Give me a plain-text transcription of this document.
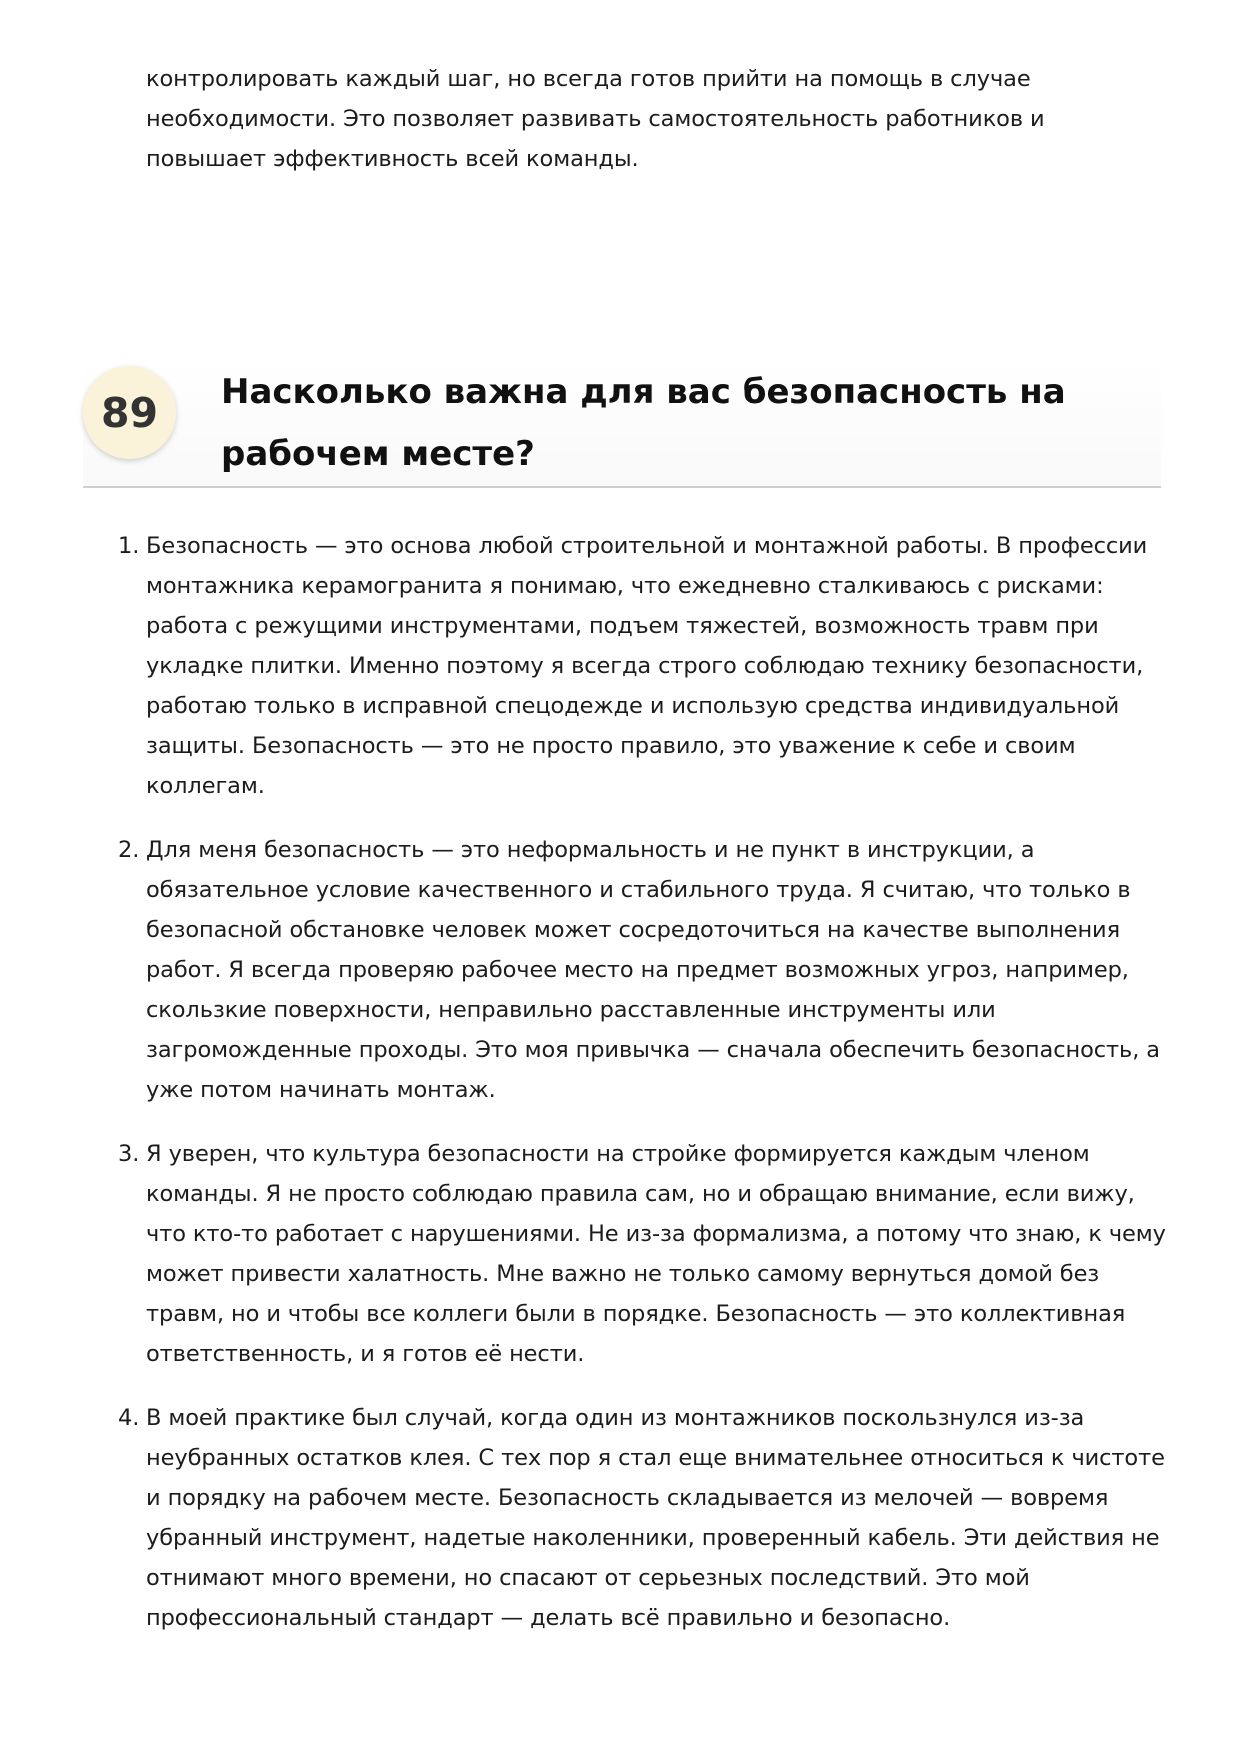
контролировать каждый шаг, но всегда готов прийти на помощь в случае необходимости. Это позволяет развивать самостоятельность работников и повышает эффективность всей команды.

89	Насколько важна для вас безопасность на рабочем месте?
1. Безопасность — это основа любой строительной и монтажной работы. В профессии монтажника керамогранита я понимаю, что ежедневно сталкиваюсь с рисками: работа с режущими инструментами, подъем тяжестей, возможность травм при укладке плитки. Именно поэтому я всегда строго соблюдаю технику безопасности, работаю только в исправной спецодежде и использую средства индивидуальной защиты. Безопасность — это не просто правило, это уважение к себе и своим коллегам.
2. Для меня безопасность — это неформальность и не пункт в инструкции, а обязательное условие качественного и стабильного труда. Я считаю, что только в безопасной обстановке человек может сосредоточиться на качестве выполнения работ. Я всегда проверяю рабочее место на предмет возможных угроз, например, скользкие поверхности, неправильно расставленные инструменты или загроможденные проходы. Это моя привычка — сначала обеспечить безопасность, а уже потом начинать монтаж.
3. Я уверен, что культура безопасности на стройке формируется каждым членом команды. Я не просто соблюдаю правила сам, но и обращаю внимание, если вижу, что кто-то работает с нарушениями. Не из-за формализма, а потому что знаю, к чему может привести халатность. Мне важно не только самому вернуться домой без травм, но и чтобы все коллеги были в порядке. Безопасность — это коллективная ответственность, и я готов её нести.
4. В моей практике был случай, когда один из монтажников поскользнулся из-за неубранных остатков клея. С тех пор я стал еще внимательнее относиться к чистоте и порядку на рабочем месте. Безопасность складывается из мелочей — вовремя убранный инструмент, надетые наколенники, проверенный кабель. Эти действия не отнимают много времени, но спасают от серьезных последствий. Это мой профессиональный стандарт — делать всё правильно и безопасно.
